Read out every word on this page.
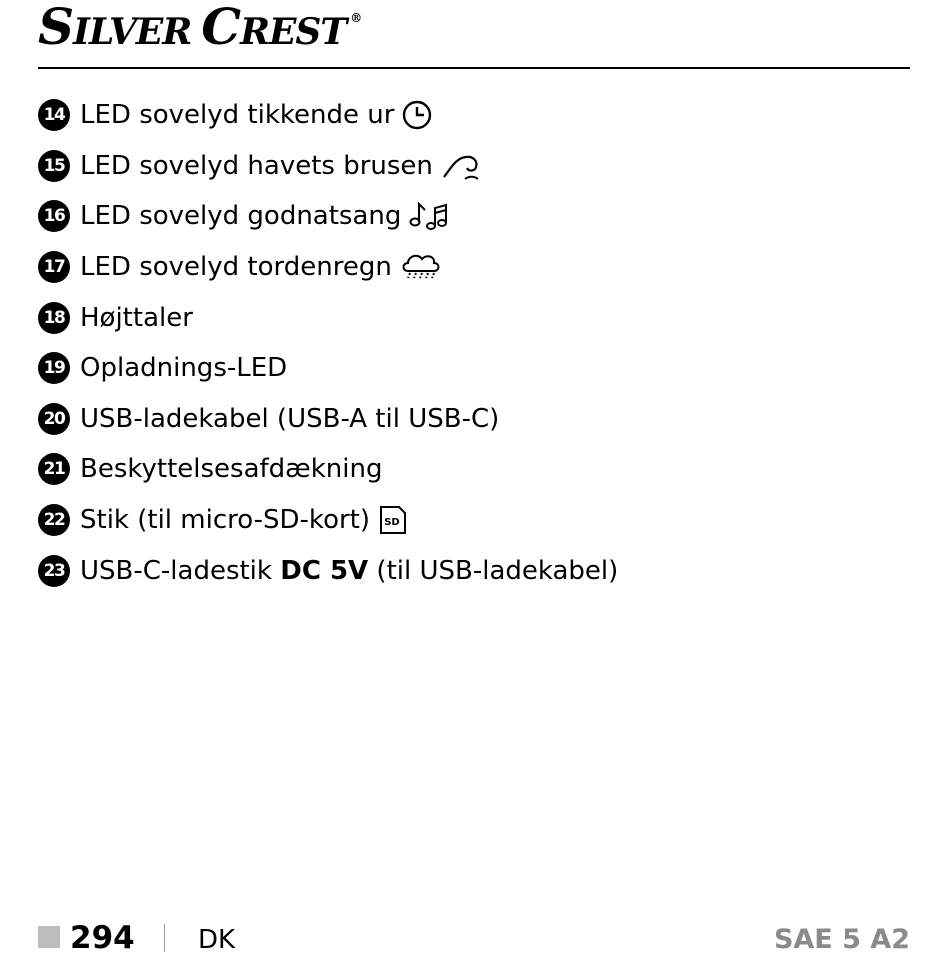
S ILVER C REST ®
14 LED sovelyd tikkende ur
15 LED sovelyd havets brusen
16 LED sovelyd godnatsang
17 LED sovelyd tordenregn
18 Højttaler
19 Opladnings-LED
20 USB-ladekabel (USB-A til USB-C)
21 Beskyttelsesafdækning
22 Stik (til micro-SD-kort) SD
23 USB-C-ladestik DC 5V (til USB-ladekabel)
294 DK	SAE 5 A2
